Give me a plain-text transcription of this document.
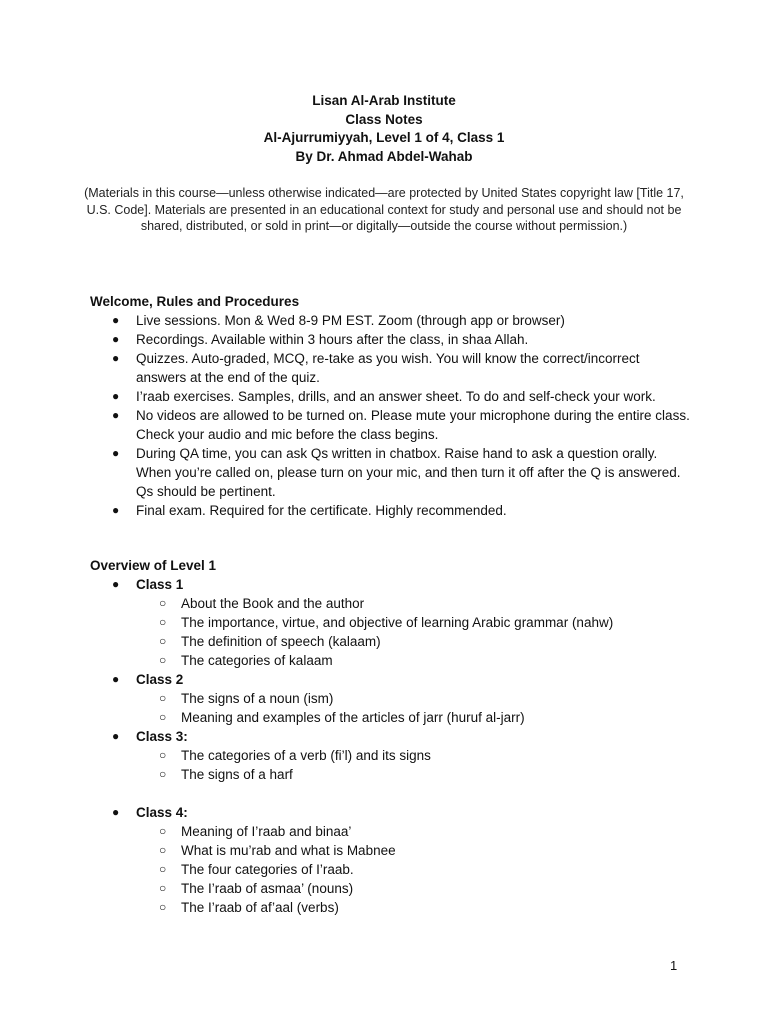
Lisan Al-Arab Institute
Class Notes
Al-Ajurrumiyyah, Level 1 of 4, Class 1
By Dr. Ahmad Abdel-Wahab
(Materials in this course—unless otherwise indicated—are protected by United States copyright law [Title 17, U.S. Code]. Materials are presented in an educational context for study and personal use and should not be shared, distributed, or sold in print—or digitally—outside the course without permission.)
Welcome, Rules and Procedures
● Live sessions. Mon & Wed 8-9 PM EST. Zoom (through app or browser)
● Recordings. Available within 3 hours after the class, in shaa Allah.
● Quizzes. Auto-graded, MCQ, re-take as you wish. You will know the correct/incorrect answers at the end of the quiz.
● I’raab exercises. Samples, drills, and an answer sheet. To do and self-check your work.
● No videos are allowed to be turned on. Please mute your microphone during the entire class. Check your audio and mic before the class begins.
● During QA time, you can ask Qs written in chatbox. Raise hand to ask a question orally. When you’re called on, please turn on your mic, and then turn it off after the Q is answered. Qs should be pertinent.
● Final exam. Required for the certificate. Highly recommended.
Overview of Level 1
● Class 1
○ About the Book and the author
○ The importance, virtue, and objective of learning Arabic grammar (nahw)
○ The definition of speech (kalaam)
○ The categories of kalaam
● Class 2
○ The signs of a noun (ism)
○ Meaning and examples of the articles of jarr (huruf al-jarr)
● Class 3:
○ The categories of a verb (fi’l) and its signs
○ The signs of a harf
● Class 4:
○ Meaning of I’raab and binaa’
○ What is mu’rab and what is Mabnee
○ The four categories of I’raab.
○ The I’raab of asmaa’ (nouns)
○ The I’raab of af’aal (verbs)
1
